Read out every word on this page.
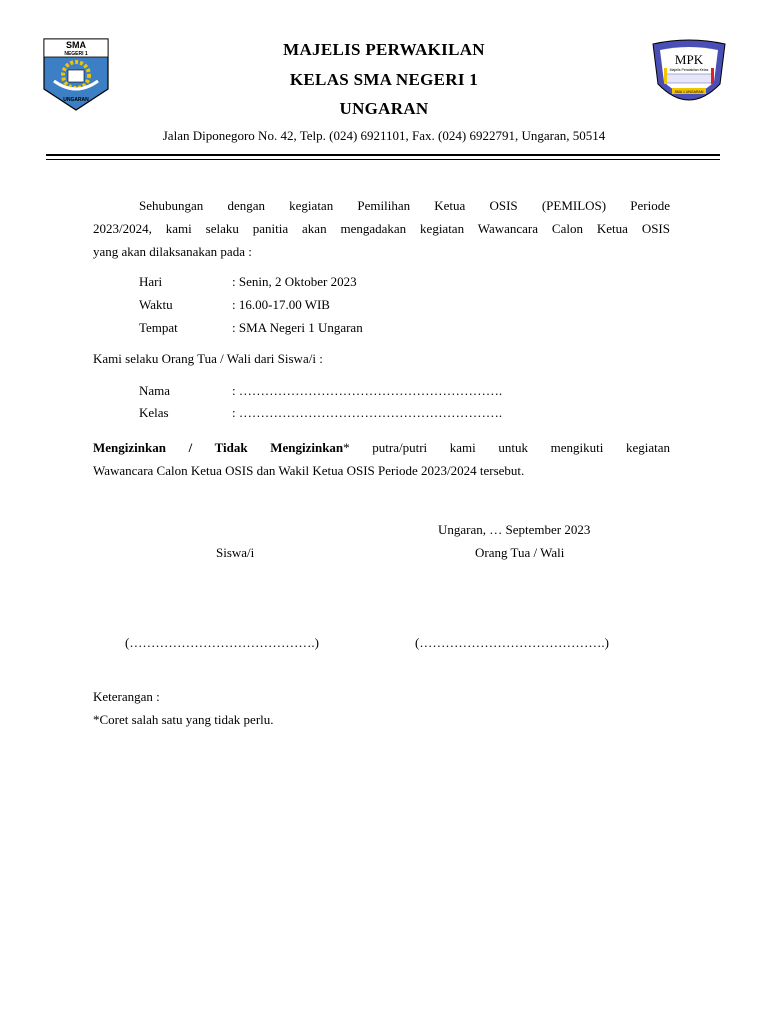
SMA
NEGERI 1
UNGARAN
MPK
Majelis Perwakilan Kelas
SMA 1 UNGARAN
MAJELIS PERWAKILAN
KELAS SMA NEGERI 1
UNGARAN
Jalan Diponegoro No. 42, Telp. (024) 6921101, Fax. (024) 6922791, Ungaran, 50514
Sehubungan dengan kegiatan Pemilihan Ketua OSIS (PEMILOS) Periode
2023/2024, kami selaku panitia akan mengadakan kegiatan Wawancara Calon Ketua OSIS
yang akan dilaksanakan pada :
Hari	: Senin, 2 Oktober 2023
Waktu	: 16.00-17.00 WIB
Tempat	: SMA Negeri 1 Ungaran
Kami selaku Orang Tua / Wali dari Siswa/i :
Nama	: …………………………………………………….
Kelas	: …………………………………………………….
Mengizinkan / Tidak Mengizinkan* putra/putri kami untuk mengikuti kegiatan
Wawancara Calon Ketua OSIS dan Wakil Ketua OSIS Periode 2023/2024 tersebut.
Ungaran, … September 2023
Siswa/i	Orang Tua / Wali
(…………………………………….)	(…………………………………….)
Keterangan :
*Coret salah satu yang tidak perlu.
